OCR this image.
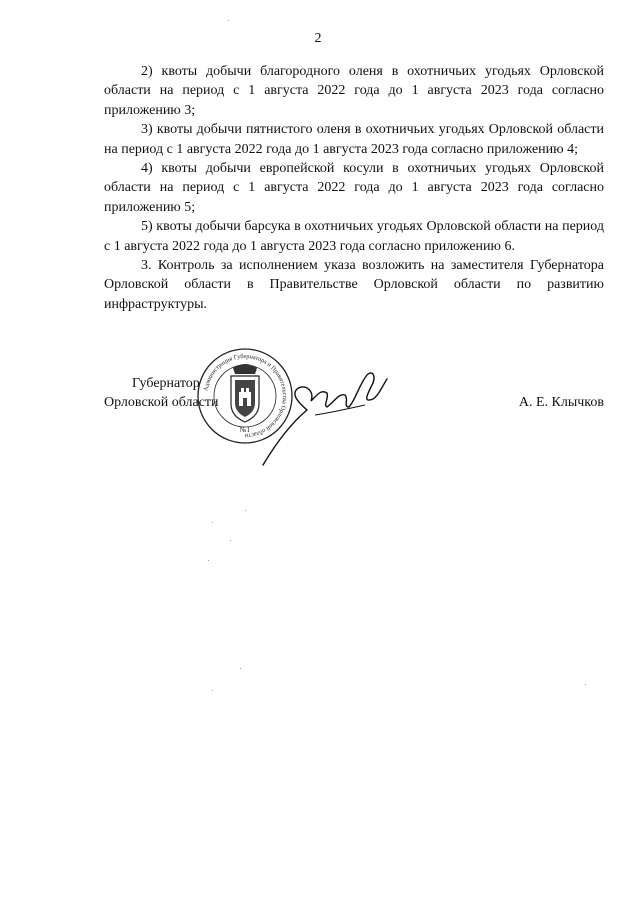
2

2) квоты добычи благородного оленя в охотничьих угодьях Орловской области на период с 1 августа 2022 года до 1 августа 2023 года согласно приложению 3;

3) квоты добычи пятнистого оленя в охотничьих угодьях Орловской области на период с 1 августа 2022 года до 1 августа 2023 года согласно приложению 4;

4) квоты добычи европейской косули в охотничьих угодьях Орловской области на период с 1 августа 2022 года до 1 августа 2023 года согласно приложению 5;

5) квоты добычи барсука в охотничьих угодьях Орловской области на период с 1 августа 2022 года до 1 августа 2023 года согласно приложению 6.

3. Контроль за исполнением указа возложить на заместителя Губернатора Орловской области в Правительстве Орловской области по развитию инфраструктуры.

Губернатор
Орловской области	А. Е. Клычков
Администрация Губернатора и Правительства Орловской области
№1
